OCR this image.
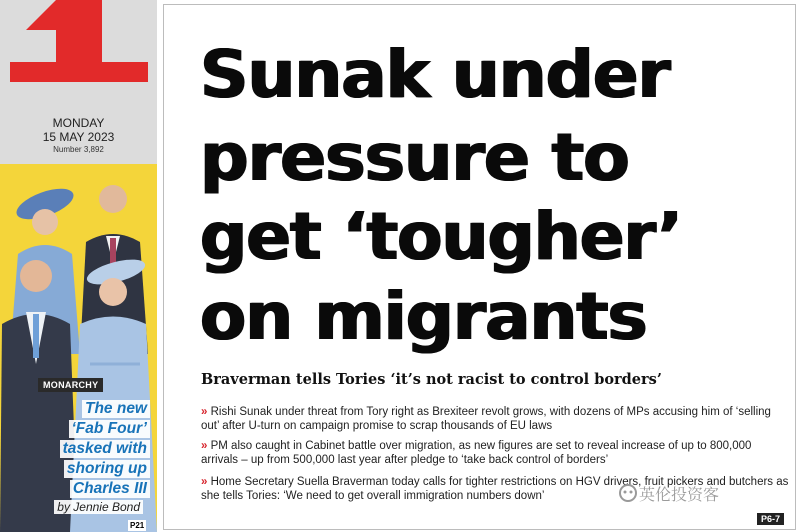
MONDAY
15 MAY 2023
Number 3,892
MONARCHY
The new
‘Fab Four’
tasked with
shoring up
Charles III
by Jennie Bond
P21
Sunak under
pressure to
get ‘tougher’
on migrants
Braverman tells Tories ‘it’s not racist to control borders’
» Rishi Sunak under threat from Tory right as Brexiteer revolt grows, with dozens of MPs accusing him of ‘selling out’ after U-turn on campaign promise to scrap thousands of EU laws
» PM also caught in Cabinet battle over migration, as new figures are set to reveal increase of up to 800,000 arrivals – up from 500,000 last year after pledge to ‘take back control of borders’
» Home Secretary Suella Braverman today calls for tighter restrictions on HGV drivers, fruit pickers and butchers as she tells Tories: ‘We need to get overall immigration numbers down’	英伦投资客
P6-7
